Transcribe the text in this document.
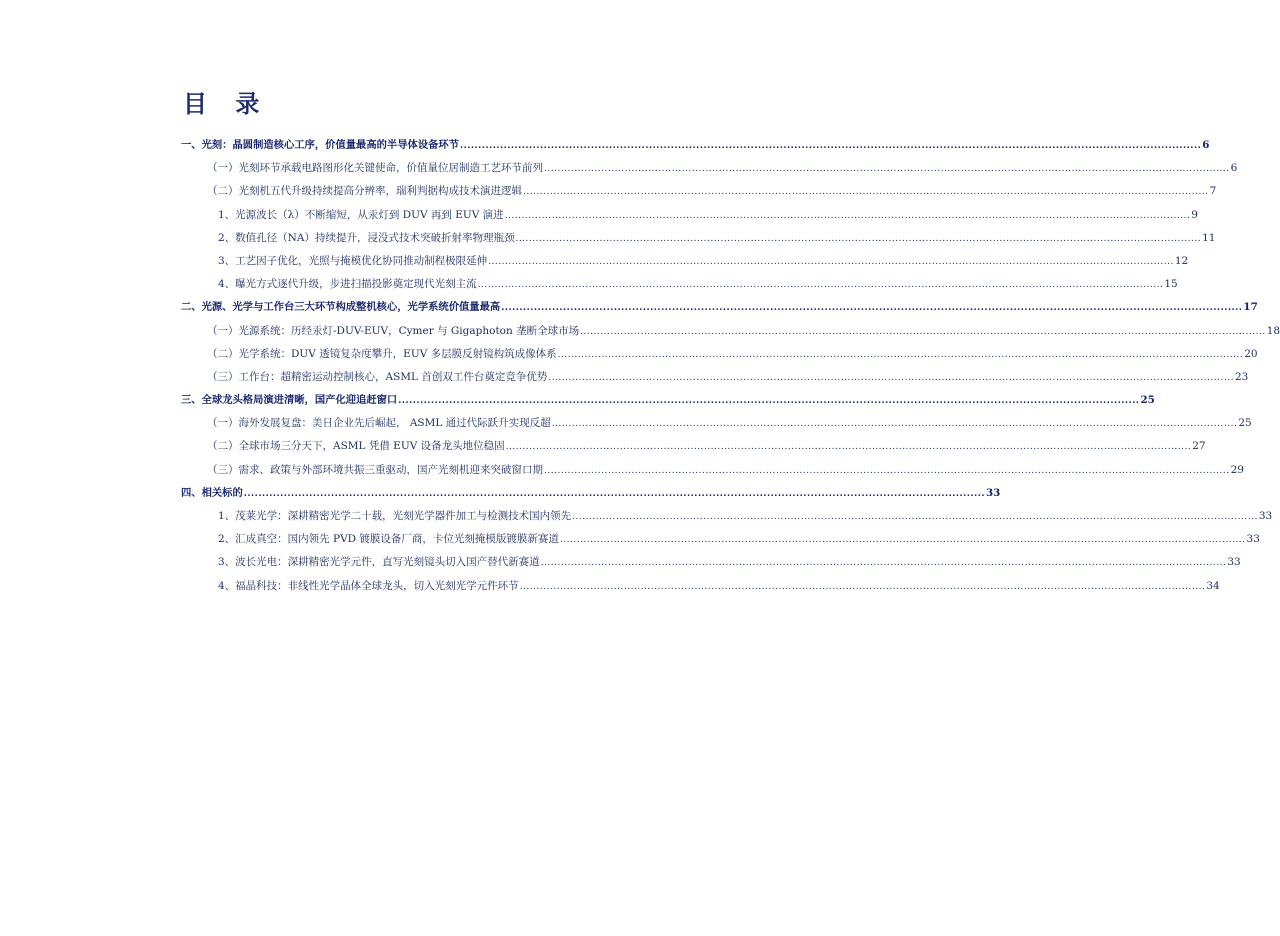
目 录
一、光刻：晶圆制造核心工序，价值量最高的半导体设备环节 .....	6
（一）光刻环节承载电路图形化关键使命，价值量位居制造工艺环节前列 .....	6
（二）光刻机五代升级持续提高分辨率，瑞利判据构成技术演进逻辑 .....	7
1、光源波长（λ）不断缩短，从汞灯到 DUV 再到 EUV 演进 .....	9
2、数值孔径（NA）持续提升，浸没式技术突破折射率物理瓶颈 .....	11
3、工艺因子优化，光照与掩模优化协同推动制程极限延伸 .....	12
4、曝光方式逐代升级，步进扫描投影奠定现代光刻主流 .....	15
二、光源、光学与工作台三大环节构成整机核心，光学系统价值量最高 .....	17
（一）光源系统：历经汞灯-DUV-EUV，Cymer 与 Gigaphoton 垄断全球市场 .....	18
（二）光学系统：DUV 透镜复杂度攀升，EUV 多层膜反射镜构筑成像体系 .....	20
（三）工作台：超精密运动控制核心，ASML 首创双工件台奠定竞争优势 .....	23
三、全球龙头格局演进清晰，国产化迎追赶窗口 .....	25
（一）海外发展复盘：美日企业先后崛起， ASML 通过代际跃升实现反超 .....	25
（二）全球市场三分天下，ASML 凭借 EUV 设备龙头地位稳固 .....	27
（三）需求、政策与外部环境共振三重驱动，国产光刻机迎来突破窗口期 .....	29
四、相关标的 .....	33
1、茂莱光学：深耕精密光学二十载，光刻光学器件加工与检测技术国内领先 .....	33
2、汇成真空：国内领先 PVD 镀膜设备厂商，卡位光刻掩模版镀膜新赛道 .....	33
3、波长光电：深耕精密光学元件，直写光刻镜头切入国产替代新赛道 .....	33
4、福晶科技：非线性光学晶体全球龙头，切入光刻光学元件环节 .....	34
